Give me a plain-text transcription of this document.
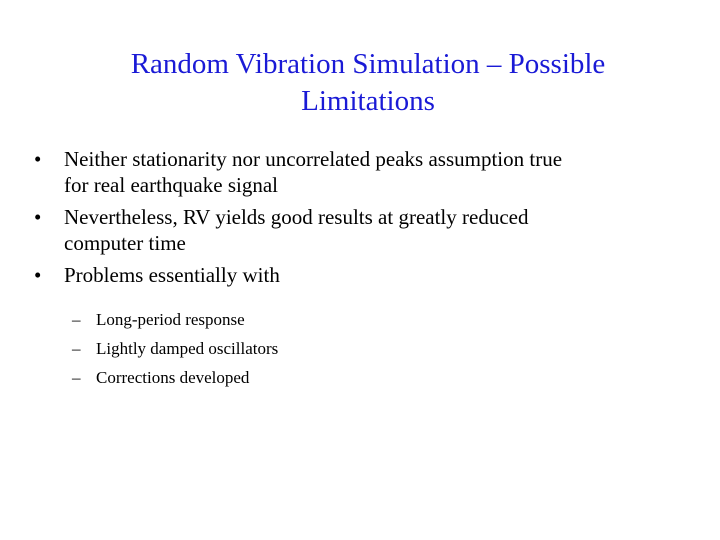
Random Vibration Simulation – Possible
Limitations
• Neither stationarity nor uncorrelated peaks assumption true
for real earthquake signal
• Nevertheless, RV yields good results at greatly reduced
computer time
• Problems essentially with
– Long-period response
– Lightly damped oscillators
– Corrections developed
